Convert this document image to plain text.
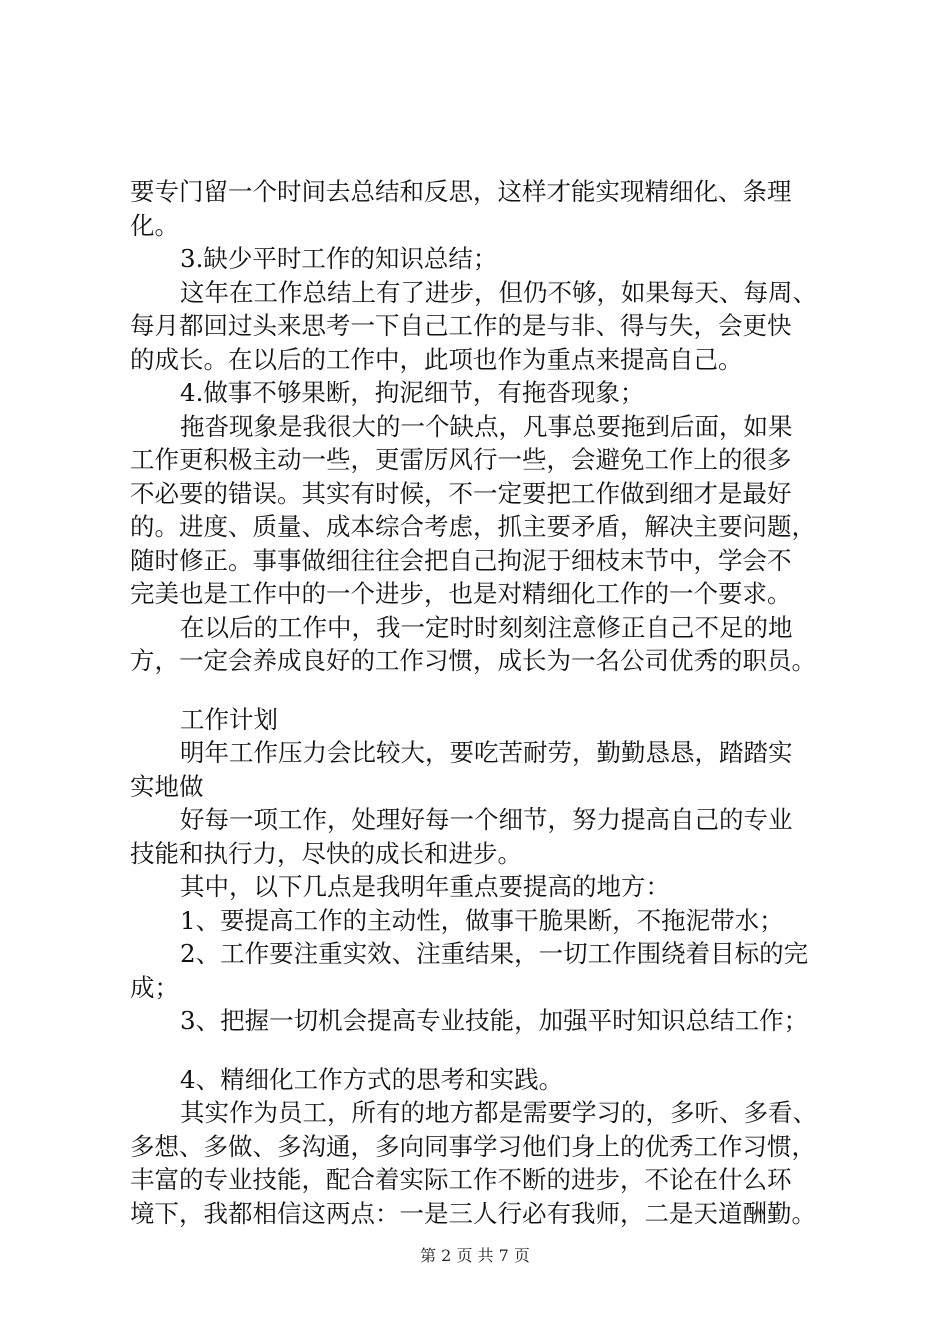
要专门留一个时间去总结和反思，这样才能实现精细化、条理
化。
3.缺少平时工作的知识总结；
这年在工作总结上有了进步，但仍不够，如果每天、每周、
每月都回过头来思考一下自己工作的是与非、得与失，会更快
的成长。在以后的工作中，此项也作为重点来提高自己。
4.做事不够果断，拘泥细节，有拖沓现象；
拖沓现象是我很大的一个缺点，凡事总要拖到后面，如果
工作更积极主动一些，更雷厉风行一些，会避免工作上的很多
不必要的错误。其实有时候，不一定要把工作做到细才是最好
的。进度、质量、成本综合考虑，抓主要矛盾，解决主要问题，
随时修正。事事做细往往会把自己拘泥于细枝末节中，学会不
完美也是工作中的一个进步，也是对精细化工作的一个要求。
在以后的工作中，我一定时时刻刻注意修正自己不足的地
方，一定会养成良好的工作习惯，成长为一名公司优秀的职员。
工作计划
明年工作压力会比较大，要吃苦耐劳，勤勤恳恳，踏踏实
实地做
好每一项工作，处理好每一个细节，努力提高自己的专业
技能和执行力，尽快的成长和进步。
其中，以下几点是我明年重点要提高的地方：
1、要提高工作的主动性，做事干脆果断，不拖泥带水；
2、工作要注重实效、注重结果，一切工作围绕着目标的完
成；
3、把握一切机会提高专业技能，加强平时知识总结工作；
4、精细化工作方式的思考和实践。
其实作为员工，所有的地方都是需要学习的，多听、多看、
多想、多做、多沟通，多向同事学习他们身上的优秀工作习惯，
丰富的专业技能，配合着实际工作不断的进步，不论在什么环
境下，我都相信这两点：一是三人行必有我师，二是天道酬勤。
第 2 页 共 7 页
